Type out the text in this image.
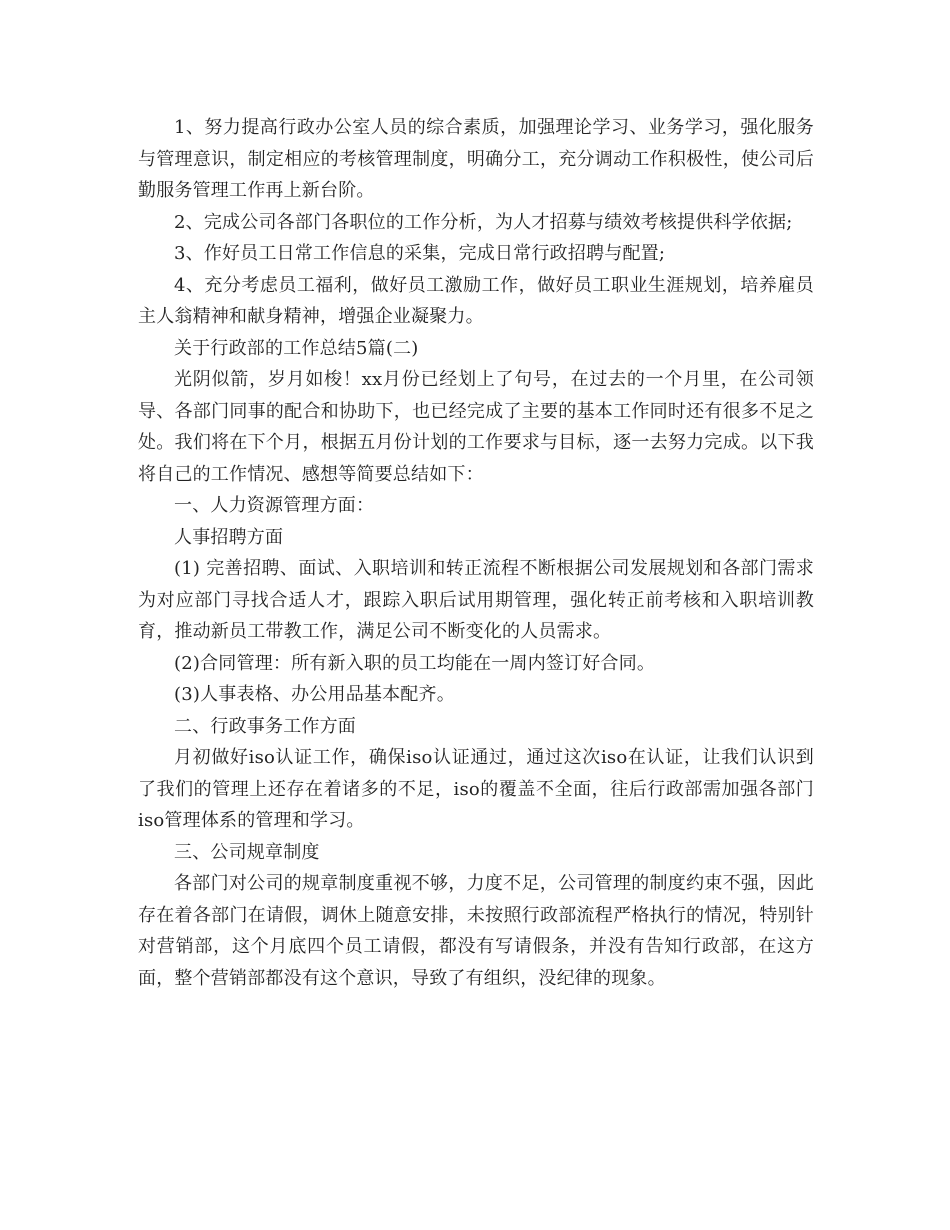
1、努力提高行政办公室人员的综合素质，加强理论学习、业务学习，强化服务与管理意识，制定相应的考核管理制度，明确分工，充分调动工作积极性，使公司后勤服务管理工作再上新台阶。

2、完成公司各部门各职位的工作分析，为人才招募与绩效考核提供科学依据;

3、作好员工日常工作信息的采集，完成日常行政招聘与配置;

4、充分考虑员工福利，做好员工激励工作，做好员工职业生涯规划，培养雇员主人翁精神和献身精神，增强企业凝聚力。

关于行政部的工作总结5篇(二)

光阴似箭，岁月如梭！xx月份已经划上了句号，在过去的一个月里，在公司领导、各部门同事的配合和协助下，也已经完成了主要的基本工作同时还有很多不足之处。我们将在下个月，根据五月份计划的工作要求与目标，逐一去努力完成。以下我将自己的工作情况、感想等简要总结如下：

一、人力资源管理方面：

人事招聘方面

(1) 完善招聘、面试、入职培训和转正流程不断根据公司发展规划和各部门需求为对应部门寻找合适人才，跟踪入职后试用期管理，强化转正前考核和入职培训教育，推动新员工带教工作，满足公司不断变化的人员需求。

(2)合同管理：所有新入职的员工均能在一周内签订好合同。

(3)人事表格、办公用品基本配齐。

二、行政事务工作方面

月初做好iso认证工作，确保iso认证通过，通过这次iso在认证，让我们认识到了我们的管理上还存在着诸多的不足，iso的覆盖不全面，往后行政部需加强各部门iso管理体系的管理和学习。

三、公司规章制度

各部门对公司的规章制度重视不够，力度不足，公司管理的制度约束不强，因此存在着各部门在请假，调休上随意安排，未按照行政部流程严格执行的情况，特别针对营销部，这个月底四个员工请假，都没有写请假条，并没有告知行政部，在这方面，整个营销部都没有这个意识，导致了有组织，没纪律的现象。
